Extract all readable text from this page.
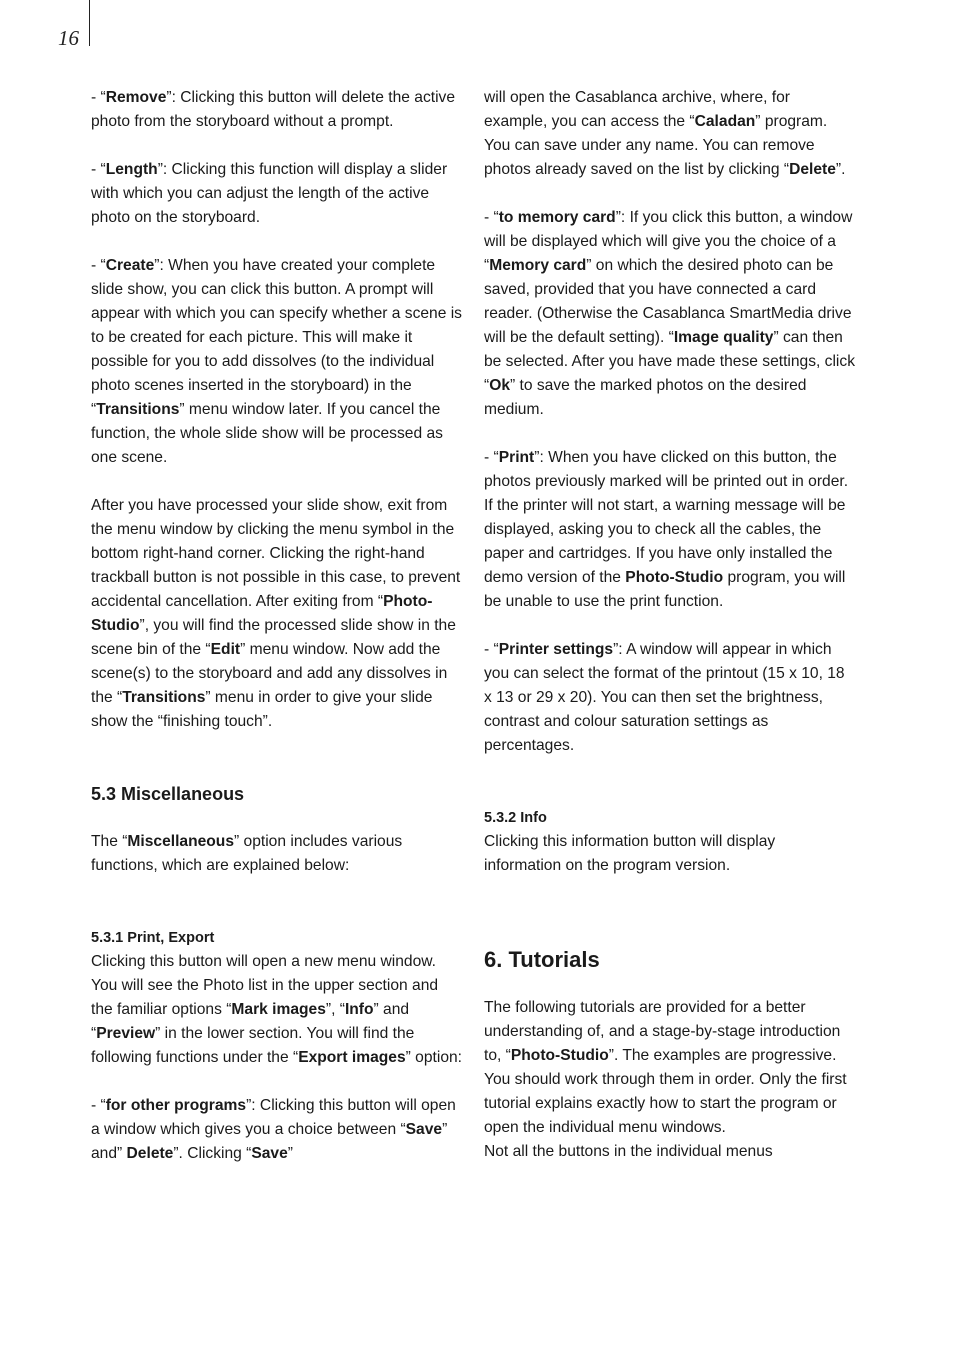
16

- “Remove”: Clicking this button will delete the active photo from the storyboard without a prompt.

- “Length”: Clicking this function will display a slider with which you can adjust the length of the active photo on the storyboard.

- “Create”: When you have created your complete slide show, you can click this button. A prompt will appear with which you can specify whether a scene is to be created for each picture. This will make it possible for you to add dissolves (to the individual photo scenes inserted in the storyboard) in the “Transitions” menu window later. If you cancel the function, the whole slide show will be processed as one scene.

After you have processed your slide show, exit from the menu window by clicking the menu symbol in the bottom right-hand corner. Clicking the right-hand trackball button is not possible in this case, to prevent accidental cancellation. After exiting from “Photo-Studio”, you will find the processed slide show in the scene bin of the “Edit” menu window. Now add the scene(s) to the storyboard and add any dissolves in the “Transitions” menu in order to give your slide show the “finishing touch”.

5.3 Miscellaneous

The “Miscellaneous” option includes various functions, which are explained below:

5.3.1 Print, Export

Clicking this button will open a new menu window. You will see the Photo list in the upper section and the familiar options “Mark images”, “Info” and “Preview” in the lower section. You will find the following functions under the “Export images” option:

- “for other programs”: Clicking this button will open a window which gives you a choice between “Save” and” Delete”. Clicking “Save”

will open the Casablanca archive, where, for example, you can access the “Caladan” program. You can save under any name. You can remove photos already saved on the list by clicking “Delete”.

- “to memory card”: If you click this button, a window will be displayed which will give you the choice of a “Memory card” on which the desired photo can be saved, provided that you have connected a card reader. (Otherwise the Casablanca SmartMedia drive will be the default setting). “Image quality” can then be selected. After you have made these settings, click “Ok” to save the marked photos on the desired medium.

- “Print”: When you have clicked on this button, the photos previously marked will be printed out in order. If the printer will not start, a warning message will be displayed, asking you to check all the cables, the paper and cartridges. If you have only installed the demo version of the Photo-Studio program, you will be unable to use the print function.

- “Printer settings”: A window will appear in which you can select the format of the printout (15 x 10, 18 x 13 or 29 x 20). You can then set the brightness, contrast and colour saturation settings as percentages.

5.3.2 Info

Clicking this information button will display information on the program version.

6. Tutorials

The following tutorials are provided for a better understanding of, and a stage-by-stage introduction to, “Photo-Studio”. The examples are progressive. You should work through them in order. Only the first tutorial explains exactly how to start the program or open the individual menu windows.
Not all the buttons in the individual menus
